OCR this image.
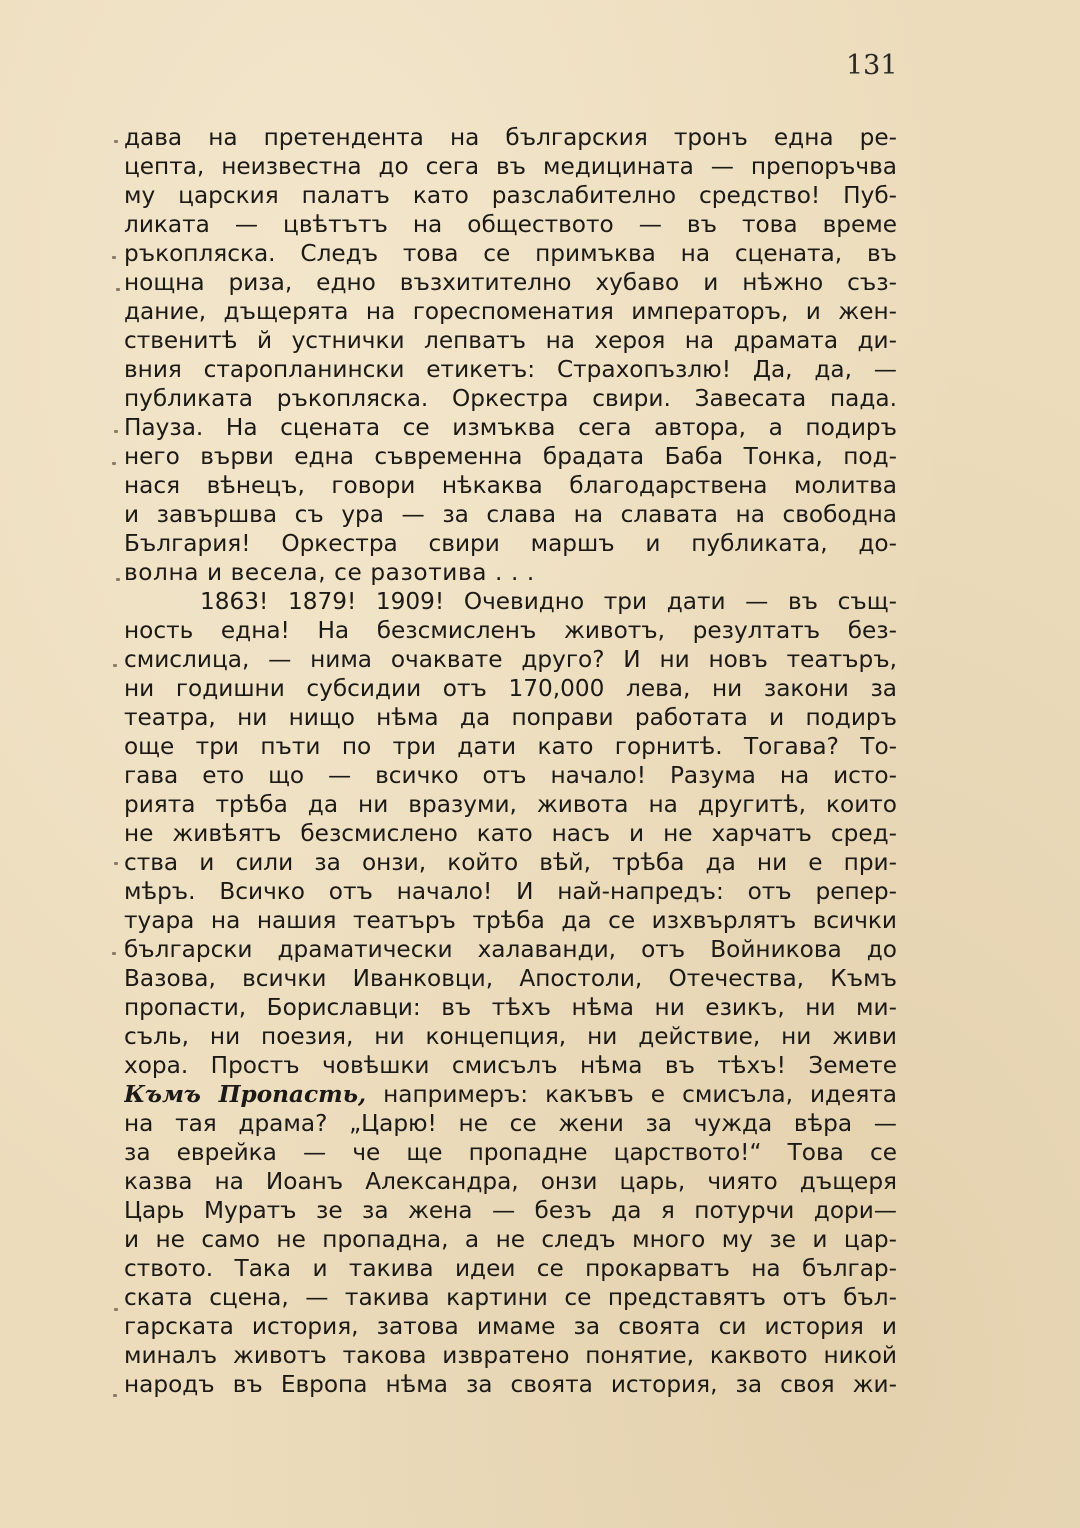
131
дава на претендента на българския тронъ една ре-
цепта, неизвестна до сега въ медицината — препоръчва
му царския палатъ като разслабително средство! Пуб-
ликата — цвѣтътъ на обществото — въ това време
ръкопляска. Следъ това се примъква на сцената, въ
нощна риза, едно възхитително хубаво и нѣжно съз-
дание, дъщерята на гореспоменатия императоръ, и жен-
ственитѣ й устнички лепватъ на хероя на драмата ди-
вния старопланински етикетъ: Страхопъзлю! Да, да, —
публиката ръкопляска. Оркестра свири. Завесата пада.
Пауза. На сцената се измъква сега автора, а подиръ
него върви една съвременна брадата Баба Тонка, под-
нася вѣнецъ, говори нѣкаква благодарствена молитва
и завършва съ ура — за слава на славата на свободна
България! Оркестра свири маршъ и публиката, до-
волна и весела, се разотива . . .
1863! 1879! 1909! Очевидно три дати — въ същ-
ность една! На безсмисленъ животъ, резултатъ без-
смислица, — нима очаквате друго? И ни новъ театъръ,
ни годишни субсидии отъ 170,000 лева, ни закони за
театра, ни нищо нѣма да поправи работата и подиръ
още три пъти по три дати като горнитѣ. Тогава? То-
гава ето що — всичко отъ начало! Разума на исто-
рията трѣба да ни вразуми, живота на другитѣ, които
не живѣятъ безсмислено като насъ и не харчатъ сред-
ства и сили за онзи, който вѣй, трѣба да ни е при-
мѣръ. Всичко отъ начало! И най-напредъ: отъ репер-
туара на нашия театъръ трѣба да се изхвърлятъ всички
български драматически халаванди, отъ Войникова до
Вазова, всички Иванковци, Апостоли, Отечества, Къмъ
пропасти, Бориславци: въ тѣхъ нѣма ни езикъ, ни ми-
съль, ни поезия, ни концепция, ни действие, ни живи
хора. Простъ човѣшки смисълъ нѣма въ тѣхъ! Земете
Къмъ Пропасть, напримеръ: какъвъ е смисъла, идеята
на тая драма? „Царю! не се жени за чужда вѣра —
за еврейка — че ще пропадне царството!“ Това се
казва на Иоанъ Александра, онзи царь, чиято дъщеря
Царь Муратъ зе за жена — безъ да я потурчи дори—
и не само не пропадна, а не следъ много му зе и цар-
ството. Така и такива идеи се прокарватъ на българ-
ската сцена, — такива картини се представятъ отъ бъл-
гарската история, затова имаме за своята си история и
миналъ животъ такова извратено понятие, каквото никой
народъ въ Европа нѣма за своята история, за своя жи-
